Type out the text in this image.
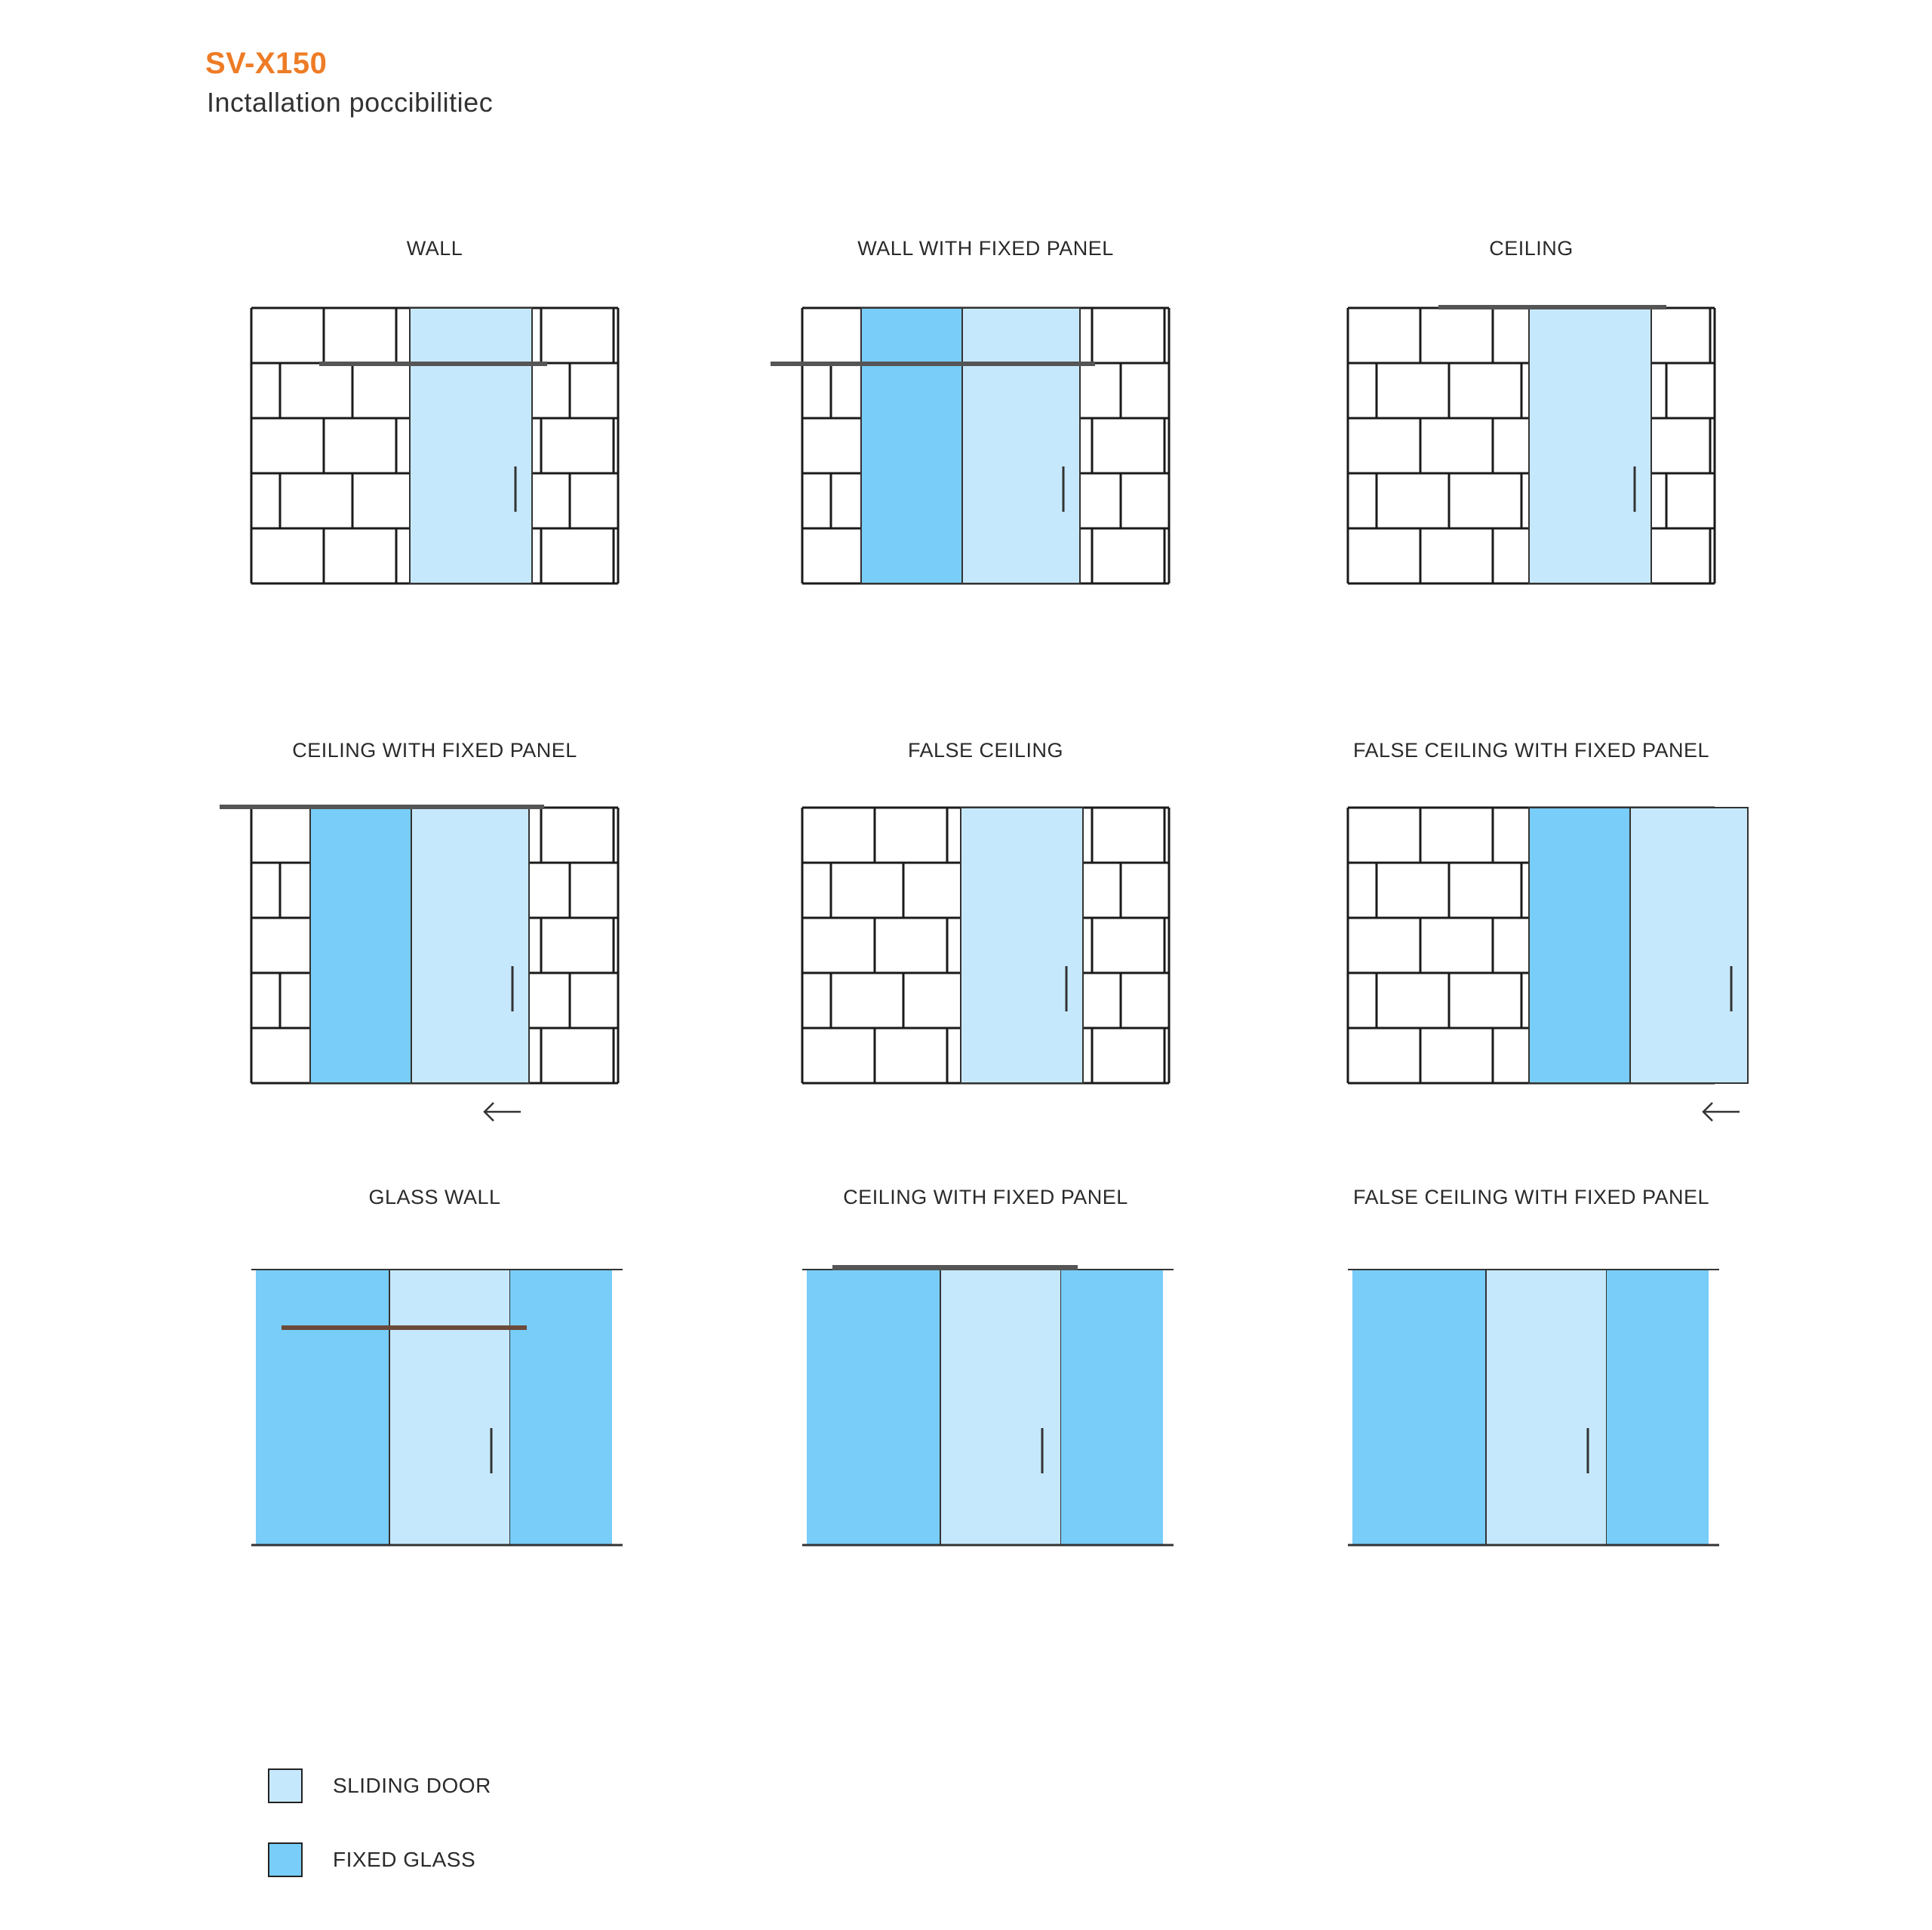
SV-X150
Inctallation poccibilitiec
WALL	WALL WITH FIXED PANEL	CEILING
CEILING WITH FIXED PANEL	FALSE CEILING	FALSE CEILING WITH FIXED PANEL
GLASS WALL	CEILING WITH FIXED PANEL	FALSE CEILING WITH FIXED PANEL
SLIDING DOOR
FIXED GLASS
